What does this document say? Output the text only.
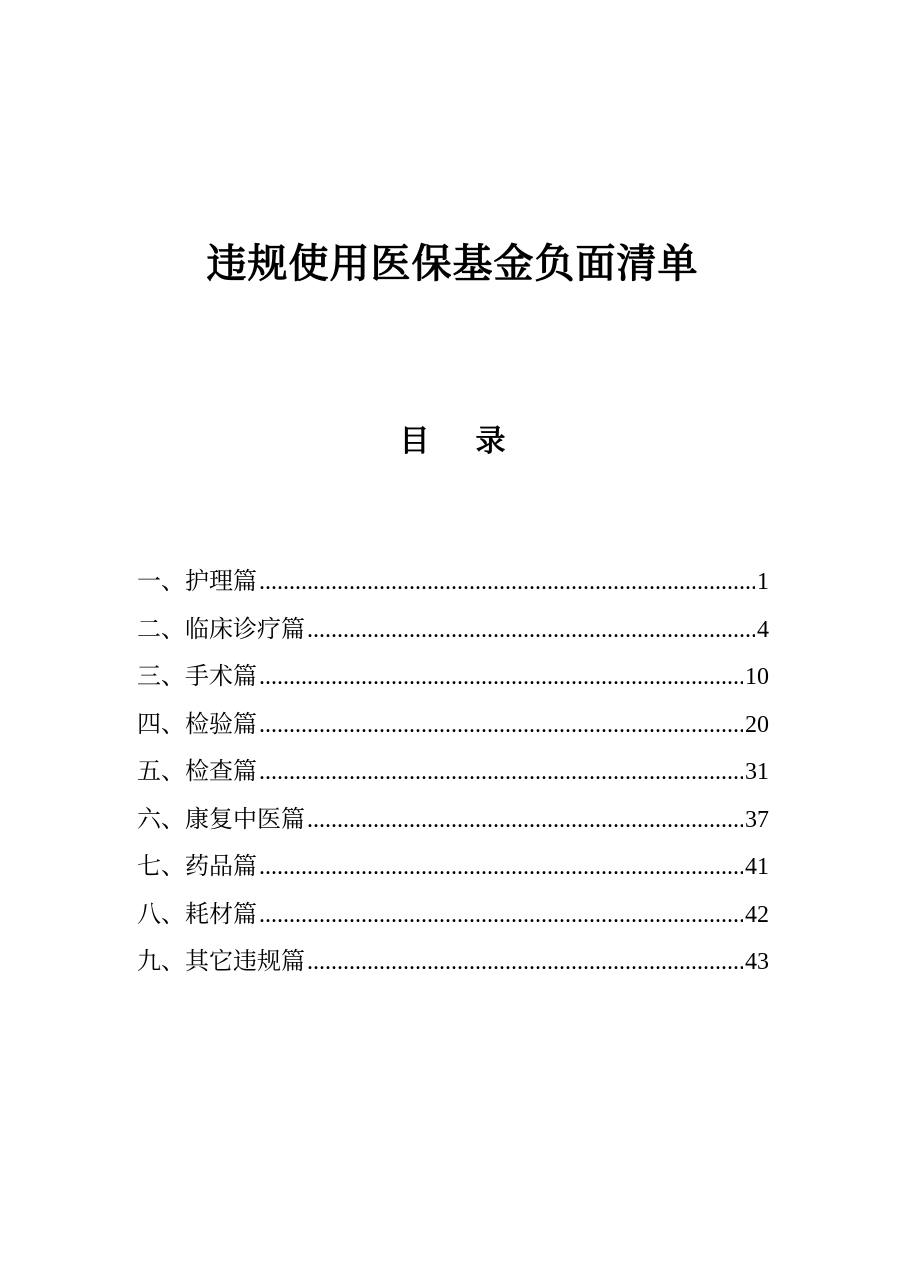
违规使用医保基金负面清单
目 录
一、护理篇 .....	1
二、临床诊疗篇 .....	4
三、手术篇 .....	10
四、检验篇 .....	20
五、检查篇 .....	31
六、康复中医篇 .....	37
七、药品篇 .....	41
八、耗材篇 .....	42
九、其它违规篇 .....	43
